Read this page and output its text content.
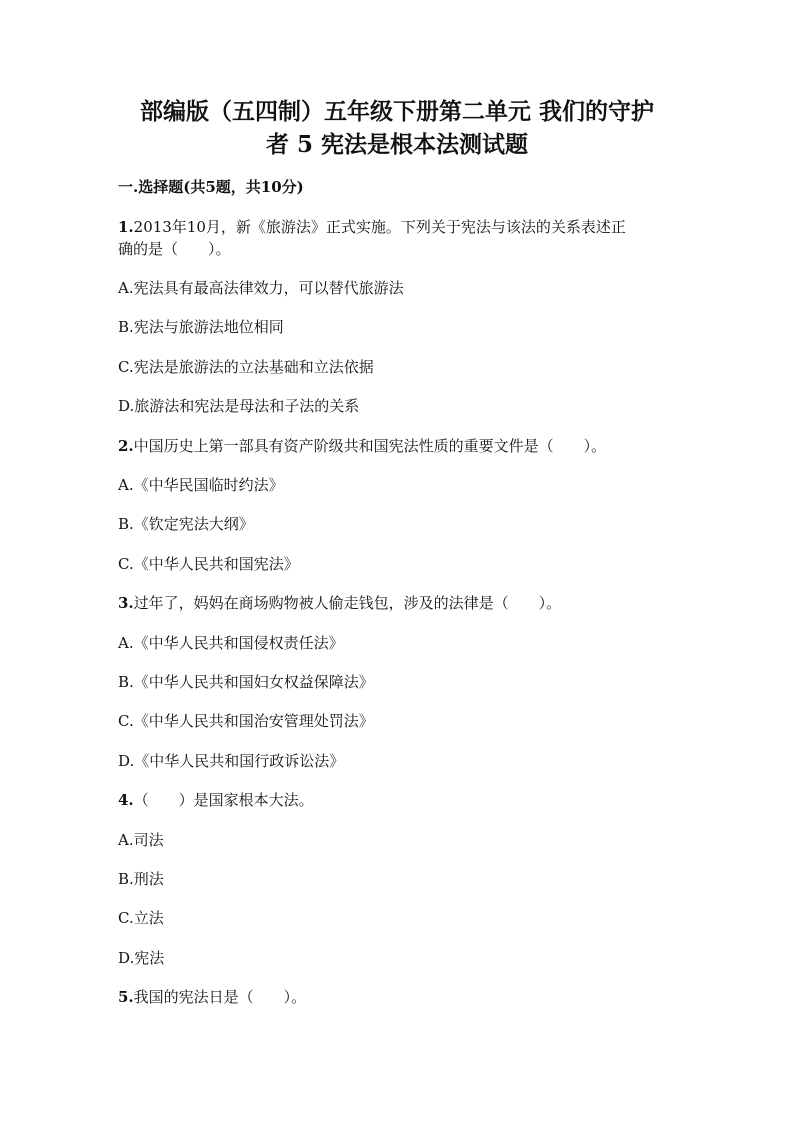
部编版（五四制）五年级下册第二单元 我们的守护
者 5 宪法是根本法测试题

一.选择题(共5题，共10分)

1.2013年10月，新《旅游法》正式实施。下列关于宪法与该法的关系表述正

确的是（　　）。

A.宪法具有最高法律效力，可以替代旅游法

B.宪法与旅游法地位相同

C.宪法是旅游法的立法基础和立法依据

D.旅游法和宪法是母法和子法的关系

2.中国历史上第一部具有资产阶级共和国宪法性质的重要文件是（　　）。

A.《中华民国临时约法》

B.《钦定宪法大纲》

C.《中华人民共和国宪法》

3.过年了，妈妈在商场购物被人偷走钱包，涉及的法律是（　　）。

A.《中华人民共和国侵权责任法》

B.《中华人民共和国妇女权益保障法》

C.《中华人民共和国治安管理处罚法》

D.《中华人民共和国行政诉讼法》

4.（　　）是国家根本大法。

A.司法

B.刑法

C.立法

D.宪法

5.我国的宪法日是（　　）。
